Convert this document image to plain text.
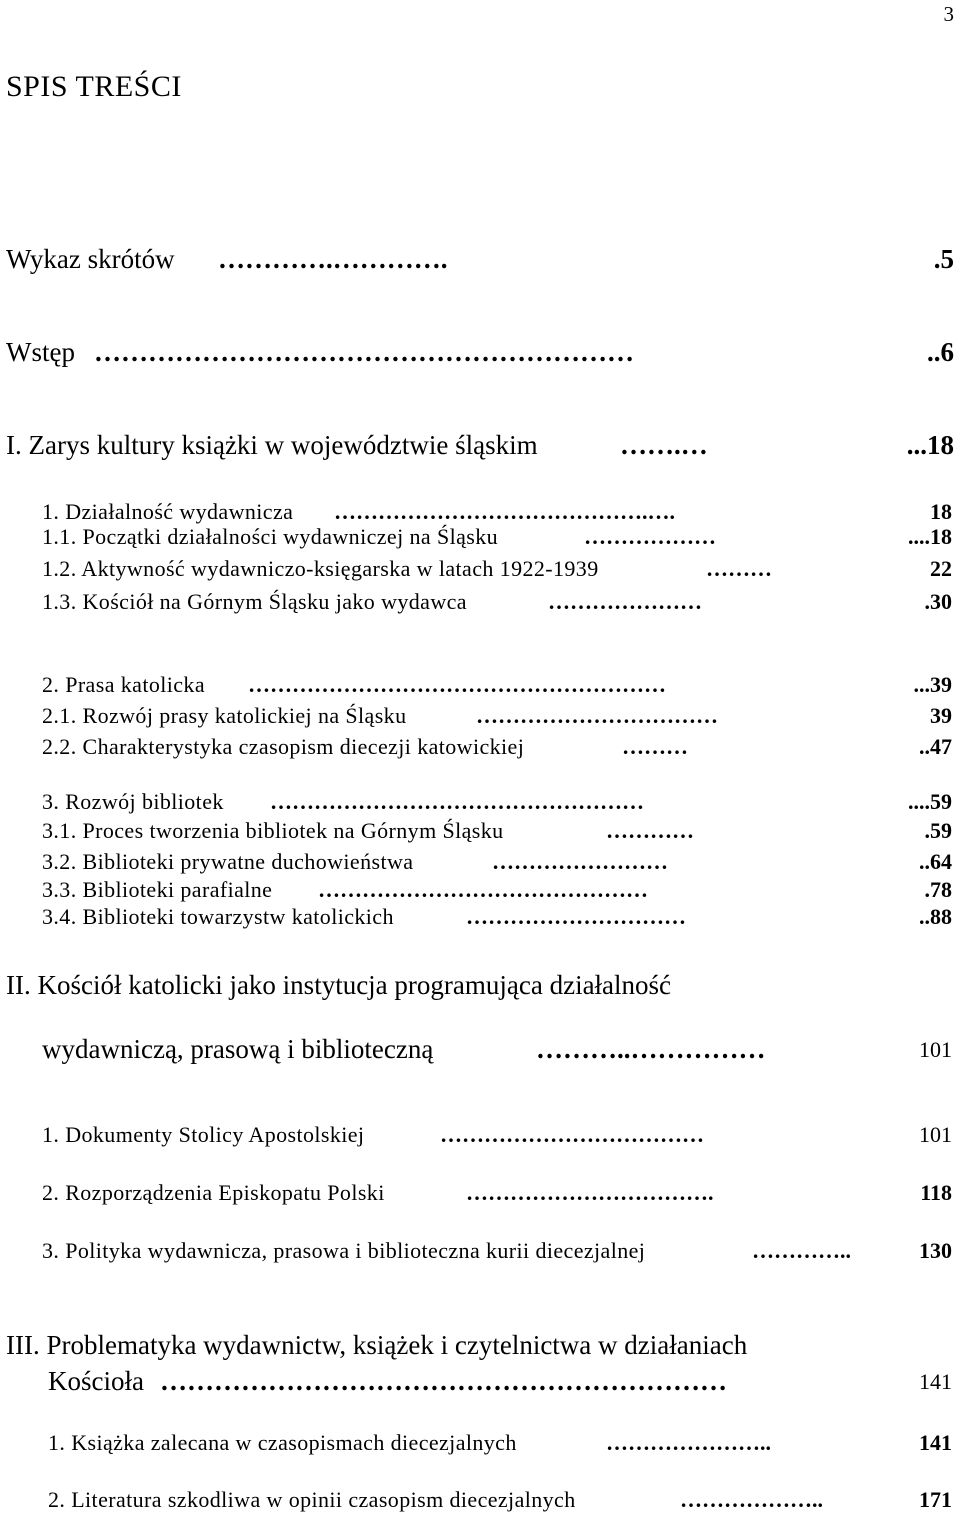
3
SPIS TREŚCI
Wykaz skrótów ………….………….	.5
Wstęp ……………………………………………………	..6
I. Zarys kultury książki w województwie śląskim	…….…	...18
1. Działalność wydawnicza …………………………………….….	18
1.1. Początki działalności wydawniczej na Śląsku	………………	....18
1.2. Aktywność wydawniczo-księgarska w latach 1922-1939	………	22
1.3. Kościół na Górnym Śląsku jako wydawca	…………………	.30
2. Prasa katolicka …………………………………………………	...39
2.1. Rozwój prasy katolickiej na Śląsku	……………………………	39
2.2. Charakterystyka czasopism diecezji katowickiej	………	..47
3. Rozwój bibliotek ……………………………………………	....59
3.1. Proces tworzenia bibliotek na Górnym Śląsku	…………	.59
3.2. Biblioteki prywatne duchowieństwa	……………………	..64
3.3. Biblioteki parafialne ………………………………………	.78
3.4. Biblioteki towarzystw katolickich	…………………………	..88
II. Kościół katolicki jako instytucja programująca działalność
wydawniczą, prasową i biblioteczną	………..……………	101
1. Dokumenty Stolicy Apostolskiej	………………………………	101
2. Rozporządzenia Episkopatu Polski	…………………………….	118
3. Polityka wydawnicza, prasowa i biblioteczna kurii diecezjalnej	…………..	130
III. Problematyka wydawnictw, książek i czytelnictwa w działaniach
Kościoła ………………………………………………………	141
1. Książka zalecana w czasopismach diecezjalnych	…………………..	141
2. Literatura szkodliwa w opinii czasopism diecezjalnych	………………..	171
